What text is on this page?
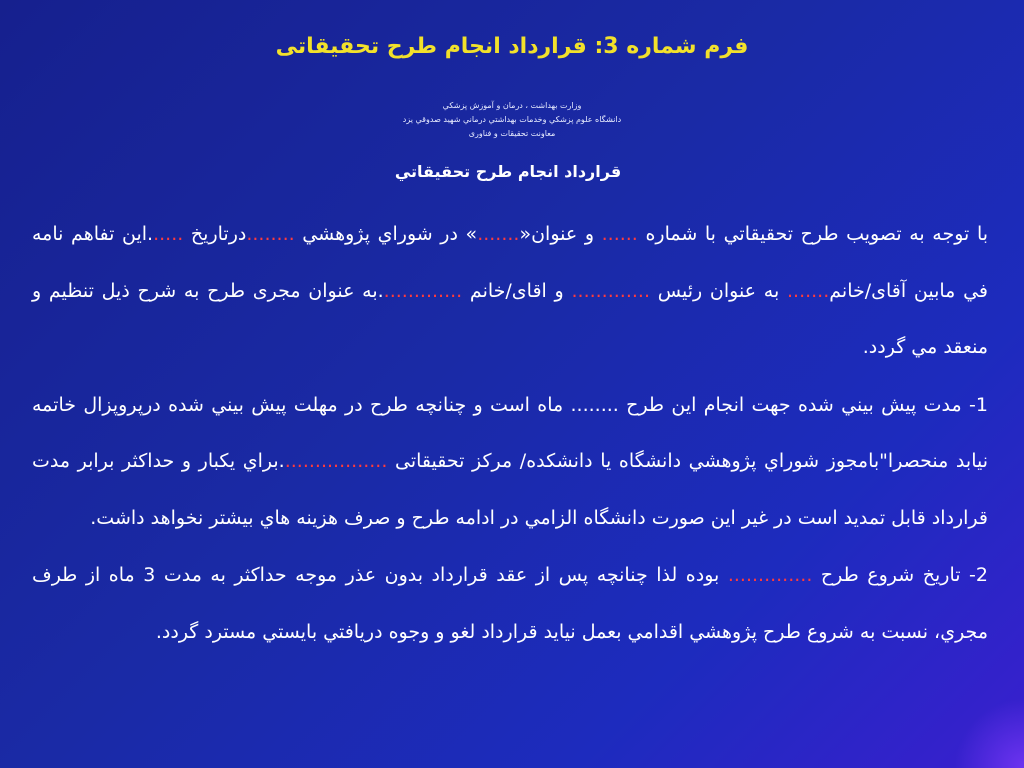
فرم شماره 3: قرارداد انجام طرح تحقيقاتی
وزارت بهداشت ، درمان و آموزش پزشكي
دانشگاه علوم پزشكي وخدمات بهداشتي درماني شهيد صدوقي يزد
معاونت تحقيقات و فناوری
قرارداد انجام طرح تحقيقاتي

با توجه به تصويب طرح تحقيقاتي با شماره ...... و عنوان«.......» در شوراي پژوهشي ........درتاريخ ......اين تفاهم نامه في مابين آقای/خانم....... به عنوان رئيس ............. و اقای/خانم ..............به عنوان مجری طرح به شرح ذيل تنظيم و منعقد مي گردد.

1- مدت پيش بيني شده جهت انجام اين طرح ........ ماه است و چنانچه طرح در مهلت پيش بيني شده درپروپزال خاتمه نيابد منحصرا"بامجوز شوراي پژوهشي دانشگاه يا دانشكده/ مركز تحقيقاتی ..................براي يكبار و حداكثر برابر مدت قرارداد قابل تمديد است در غير اين صورت دانشگاه الزامي در ادامه طرح و صرف هزينه هاي بيشتر نخواهد داشت.

2- تاريخ شروع طرح .............. بوده لذا چنانچه پس از عقد قرارداد بدون عذر موجه حداكثر به مدت 3 ماه از طرف مجري، نسبت به شروع طرح پژوهشي اقدامي بعمل نيايد قرارداد لغو و وجوه دريافتي بايستي مسترد گردد.
